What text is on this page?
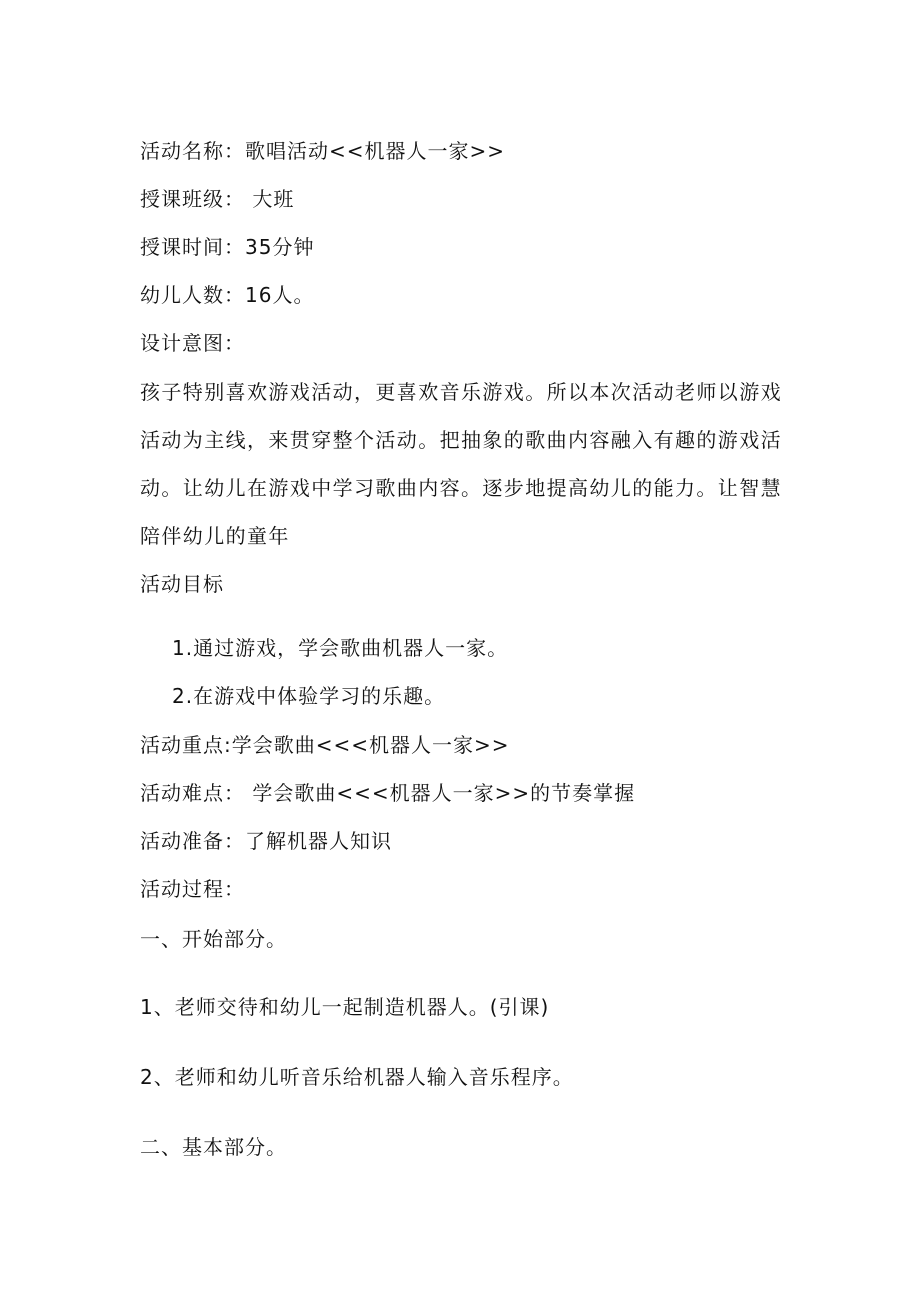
活动名称：歌唱活动<<机器人一家>>
授课班级： 大班
授课时间：35分钟
幼儿人数：16人。
设计意图：
孩子特别喜欢游戏活动，更喜欢音乐游戏。所以本次活动老师以游戏活动为主线，来贯穿整个活动。把抽象的歌曲内容融入有趣的游戏活动。让幼儿在游戏中学习歌曲内容。逐步地提高幼儿的能力。让智慧陪伴幼儿的童年
活动目标
1.通过游戏，学会歌曲机器人一家。
2.在游戏中体验学习的乐趣。
活动重点:学会歌曲<<<机器人一家>>
活动难点： 学会歌曲<<<机器人一家>>的节奏掌握
活动准备：了解机器人知识
活动过程：
一、开始部分。
1、老师交待和幼儿一起制造机器人。(引课)
2、老师和幼儿听音乐给机器人输入音乐程序。
二、基本部分。
